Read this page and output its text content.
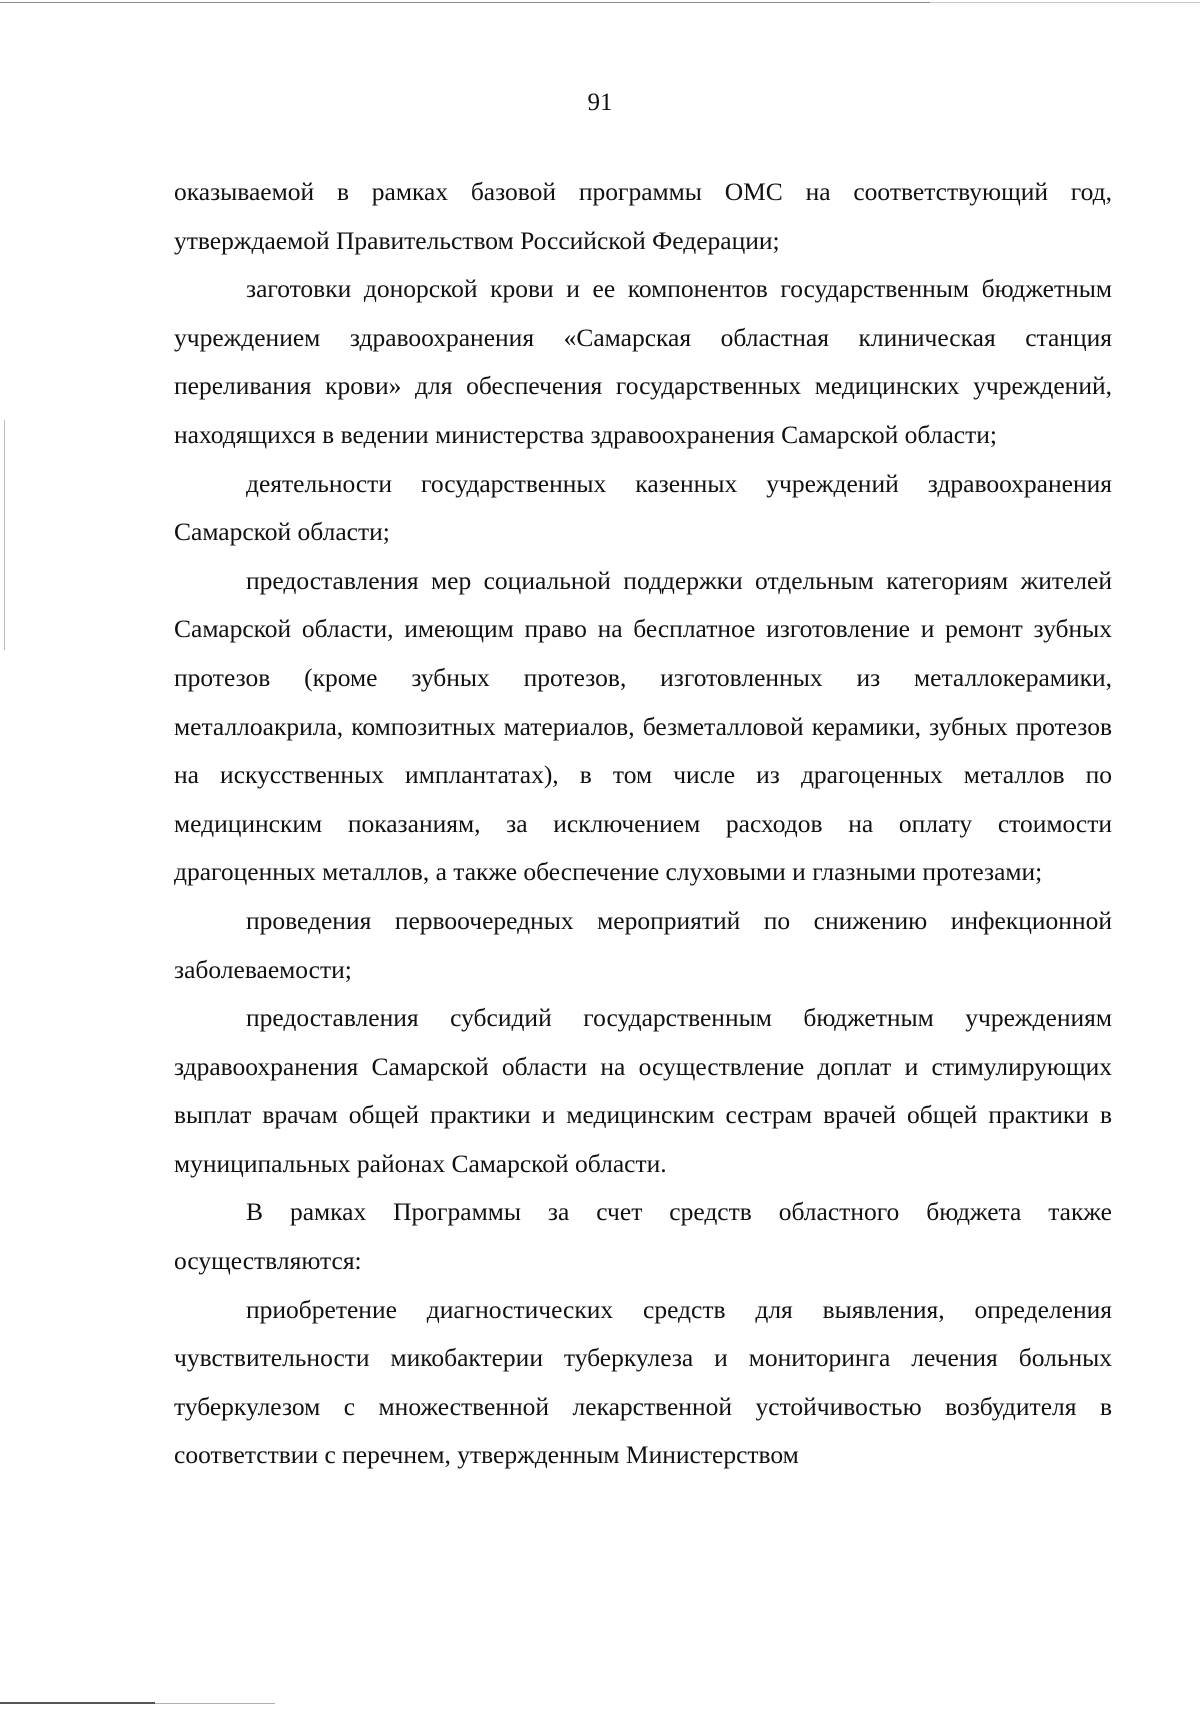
91

оказываемой в рамках базовой программы ОМС на соответствующий год, утверждаемой Правительством Российской Федерации;

заготовки донорской крови и ее компонентов государственным бюджетным учреждением здравоохранения «Самарская областная клиническая станция переливания крови» для обеспечения государственных медицинских учреждений, находящихся в ведении министерства здравоохранения Самарской области;

деятельности государственных казенных учреждений здравоохранения Самарской области;

предоставления мер социальной поддержки отдельным категориям жителей Самарской области, имеющим право на бесплатное изготовление и ремонт зубных протезов (кроме зубных протезов, изготовленных из металлокерамики, металлоакрила, композитных материалов, безметалловой керамики, зубных протезов на искусственных имплантатах), в том числе из драгоценных металлов по медицинским показаниям, за исключением расходов на оплату стоимости драгоценных металлов, а также обеспечение слуховыми и глазными протезами;

проведения первоочередных мероприятий по снижению инфекционной заболеваемости;

предоставления субсидий государственным бюджетным учреждениям здравоохранения Самарской области на осуществление доплат и стимулирующих выплат врачам общей практики и медицинским сестрам врачей общей практики в муниципальных районах Самарской области.

В рамках Программы за счет средств областного бюджета также осуществляются:

приобретение диагностических средств для выявления, определения чувствительности микобактерии туберкулеза и мониторинга лечения больных туберкулезом с множественной лекарственной устойчивостью возбудителя в соответствии с перечнем, утвержденным Министерством
